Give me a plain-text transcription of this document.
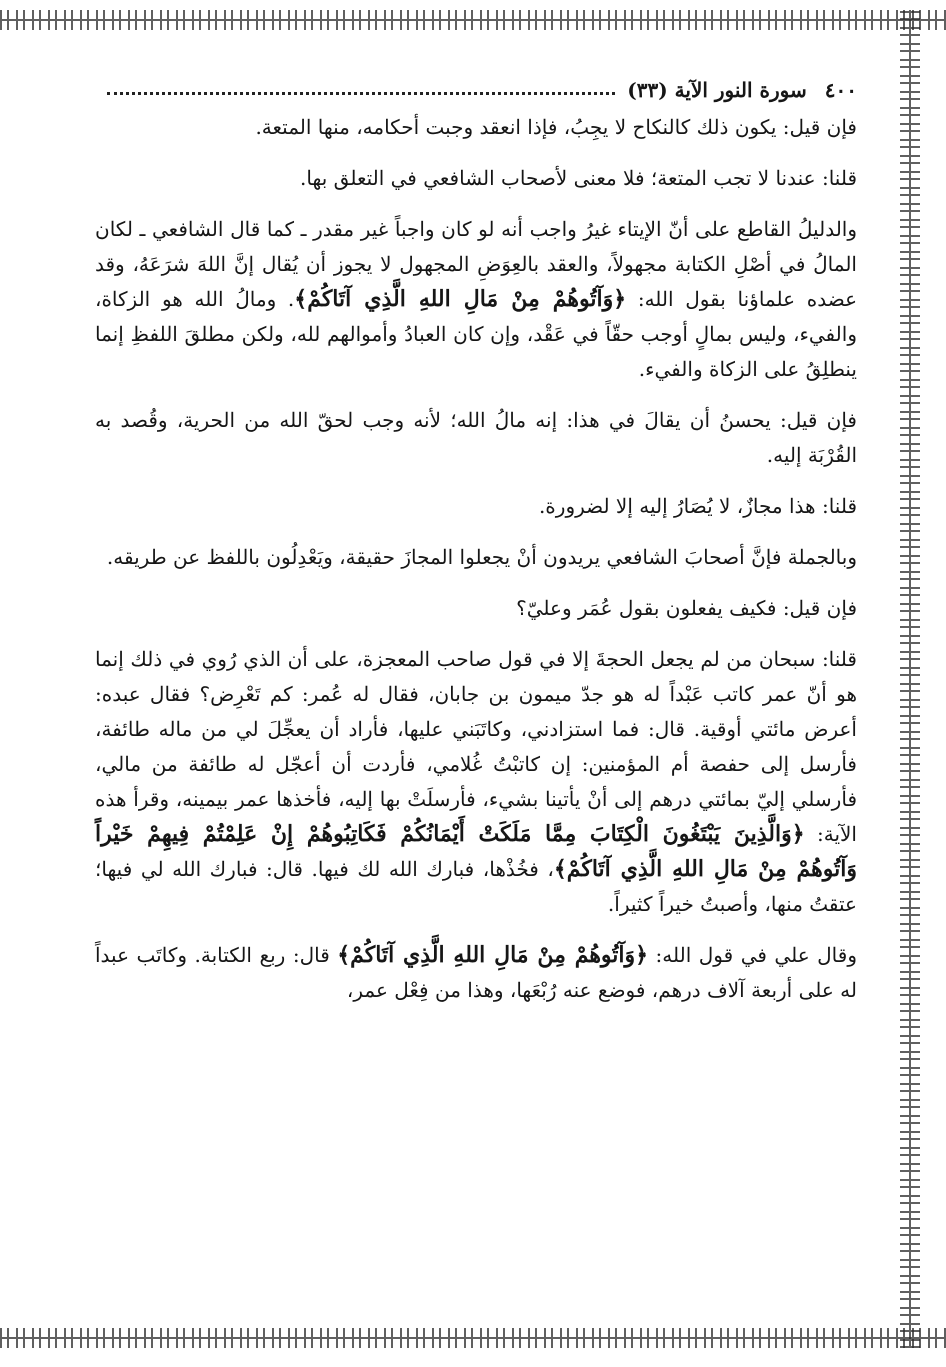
٤٠٠
سورة النور الآية (٣٣)

فإن قيل: يكون ذلك كالنكاح لا يجِبُ، فإذا انعقد وجبت أحكامه، منها المتعة.

قلنا: عندنا لا تجب المتعة؛ فلا معنى لأصحاب الشافعي في التعلق بها.

والدليلُ القاطع على أنّ الإيتاء غيرُ واجب أنه لو كان واجباً غير مقدر ـ كما قال الشافعي ـ لكان المالُ في أصْلِ الكتابة مجهولاً، والعقد بالعِوَضِ المجهول لا يجوز أن يُقال إنَّ اللهَ شرَعَهُ، وقد عضده علماؤنا بقول الله: ﴿وَآتُوهُمْ مِنْ مَالِ اللهِ الَّذِي آتَاكُمْ﴾. ومالُ الله هو الزكاة، والفيء، وليس بمالٍ أوجب حقّاً في عَقْد، وإن كان العبادُ وأموالهم لله، ولكن مطلقَ اللفظِ إنما ينطلِقُ على الزكاة والفيء.

فإن قيل: يحسنُ أن يقالَ في هذا: إنه مالُ الله؛ لأنه وجب لحقّ الله من الحرية، وقُصد به القُرْبَة إليه.

قلنا: هذا مجازٌ، لا يُصَارُ إليه إلا لضرورة.

وبالجملة فإنَّ أصحابَ الشافعي يريدون أنْ يجعلوا المجازَ حقيقة، ويَعْدِلُون باللفظ عن طريقه.

فإن قيل: فكيف يفعلون بقول عُمَر وعليّ؟

قلنا: سبحان من لم يجعل الحجةَ إلا في قول صاحب المعجزة، على أن الذي رُوي في ذلك إنما هو أنّ عمر كاتب عَبْداً له هو جدّ ميمون بن جابان، فقال له عُمر: كم تَعْرِض؟ فقال عبده: أعرض مائتي أوقية. قال: فما استزادني، وكاتَبَني عليها، فأراد أن يعجِّلَ لي من ماله طائفة، فأرسل إلى حفصة أم المؤمنين: إن كاتبْتُ غُلامي، فأردت أن أعجّل له طائفة من مالي، فأرسلي إليّ بمائتي درهم إلى أنْ يأتينا بشيء، فأرسلَتْ بها إليه، فأخذها عمر بيمينه، وقرأ هذه الآية: ﴿وَالَّذِينَ يَبْتَغُونَ الْكِتَابَ مِمَّا مَلَكَتْ أَيْمَانُكُمْ فَكَاتِبُوهُمْ إِنْ عَلِمْتُمْ فِيهِمْ خَيْراً وَآتُوهُمْ مِنْ مَالِ اللهِ الَّذِي آتَاكُمْ﴾، فخُذْها، فبارك الله لك فيها. قال: فبارك الله لي فيها؛ عتقتُ منها، وأصبتُ خيراً كثيراً.

وقال علي في قول الله: ﴿وَآتُوهُمْ مِنْ مَالِ اللهِ الَّذِي آتَاكُمْ﴾ قال: ربع الكتابة. وكاتَب عبداً له على أربعة آلاف درهم، فوضع عنه رُبْعَها، وهذا من فِعْل عمر،
